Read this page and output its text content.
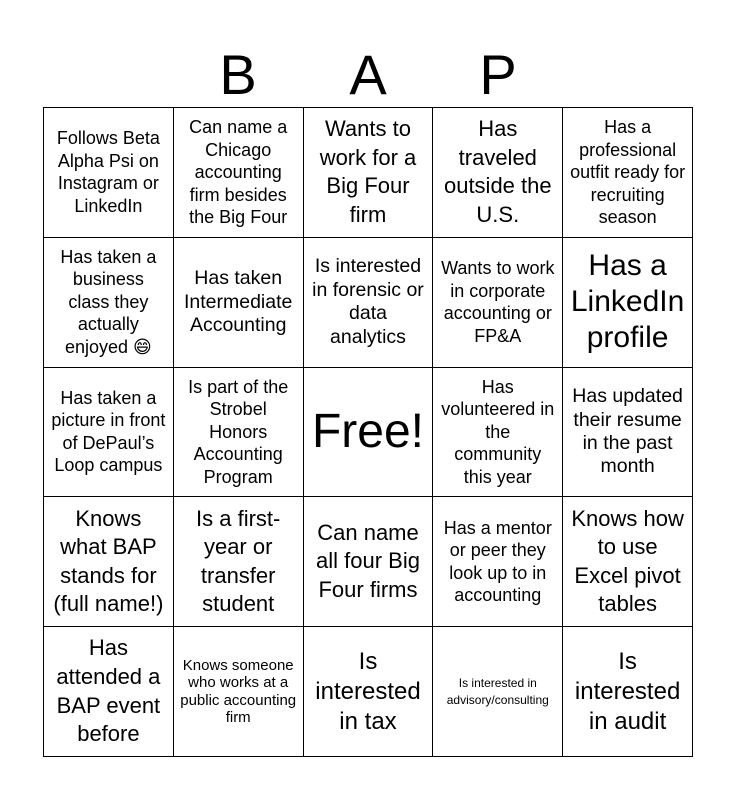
B	A	P
Follows Beta Alpha Psi on Instagram or LinkedIn
Can name a Chicago accounting firm besides the Big Four
Wants to work for a Big Four firm
Has traveled outside the U.S.
Has a professional outfit ready for recruiting season
Has taken a business class they actually enjoyed 😄
Has taken Intermediate Accounting
Is interested in forensic or data analytics
Wants to work in corporate accounting or FP&A
Has a LinkedIn profile
Has taken a picture in front of DePaul’s Loop campus
Is part of the Strobel Honors Accounting Program
Free!
Has volunteered in the community this year
Has updated their resume in the past month
Knows what BAP stands for (full name!)
Is a first-year or transfer student
Can name all four Big Four firms
Has a mentor or peer they look up to in accounting
Knows how to use Excel pivot tables
Has attended a BAP event before
Knows someone who works at a public accounting firm
Is interested in tax
Is interested in advisory/consulting
Is interested in audit
